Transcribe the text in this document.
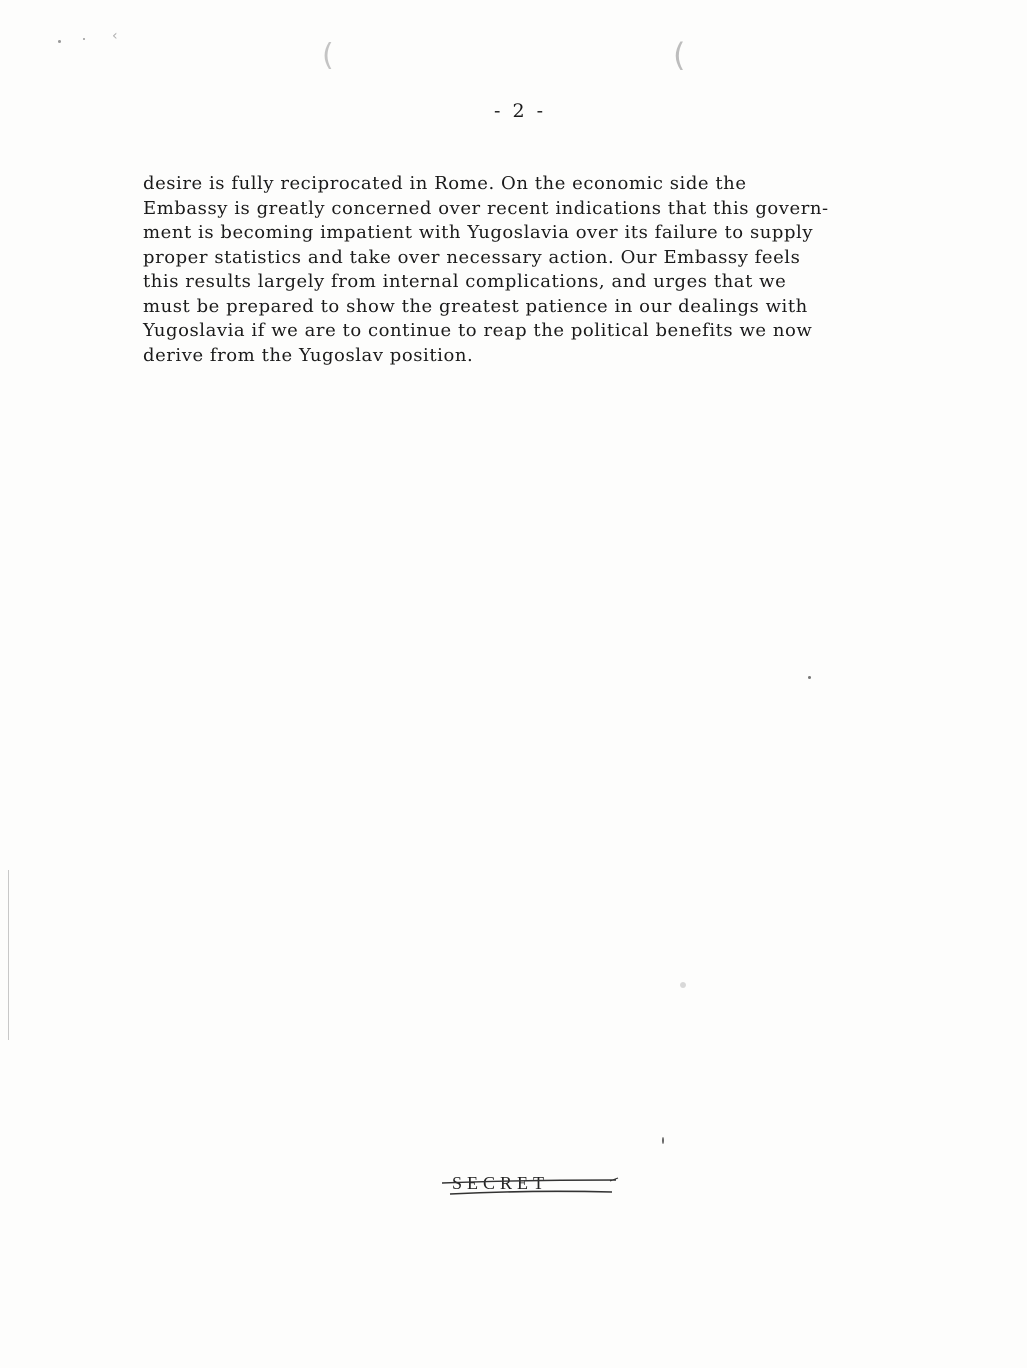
(	(
‹
- 2 -
desire is fully reciprocated in Rome. On the economic side the
Embassy is greatly concerned over recent indications that this govern-
ment is becoming impatient with Yugoslavia over its failure to supply
proper statistics and take over necessary action. Our Embassy feels
this results largely from internal complications, and urges that we
must be prepared to show the greatest patience in our dealings with
Yugoslavia if we are to continue to reap the political benefits we now
derive from the Yugoslav position.
SECRET
